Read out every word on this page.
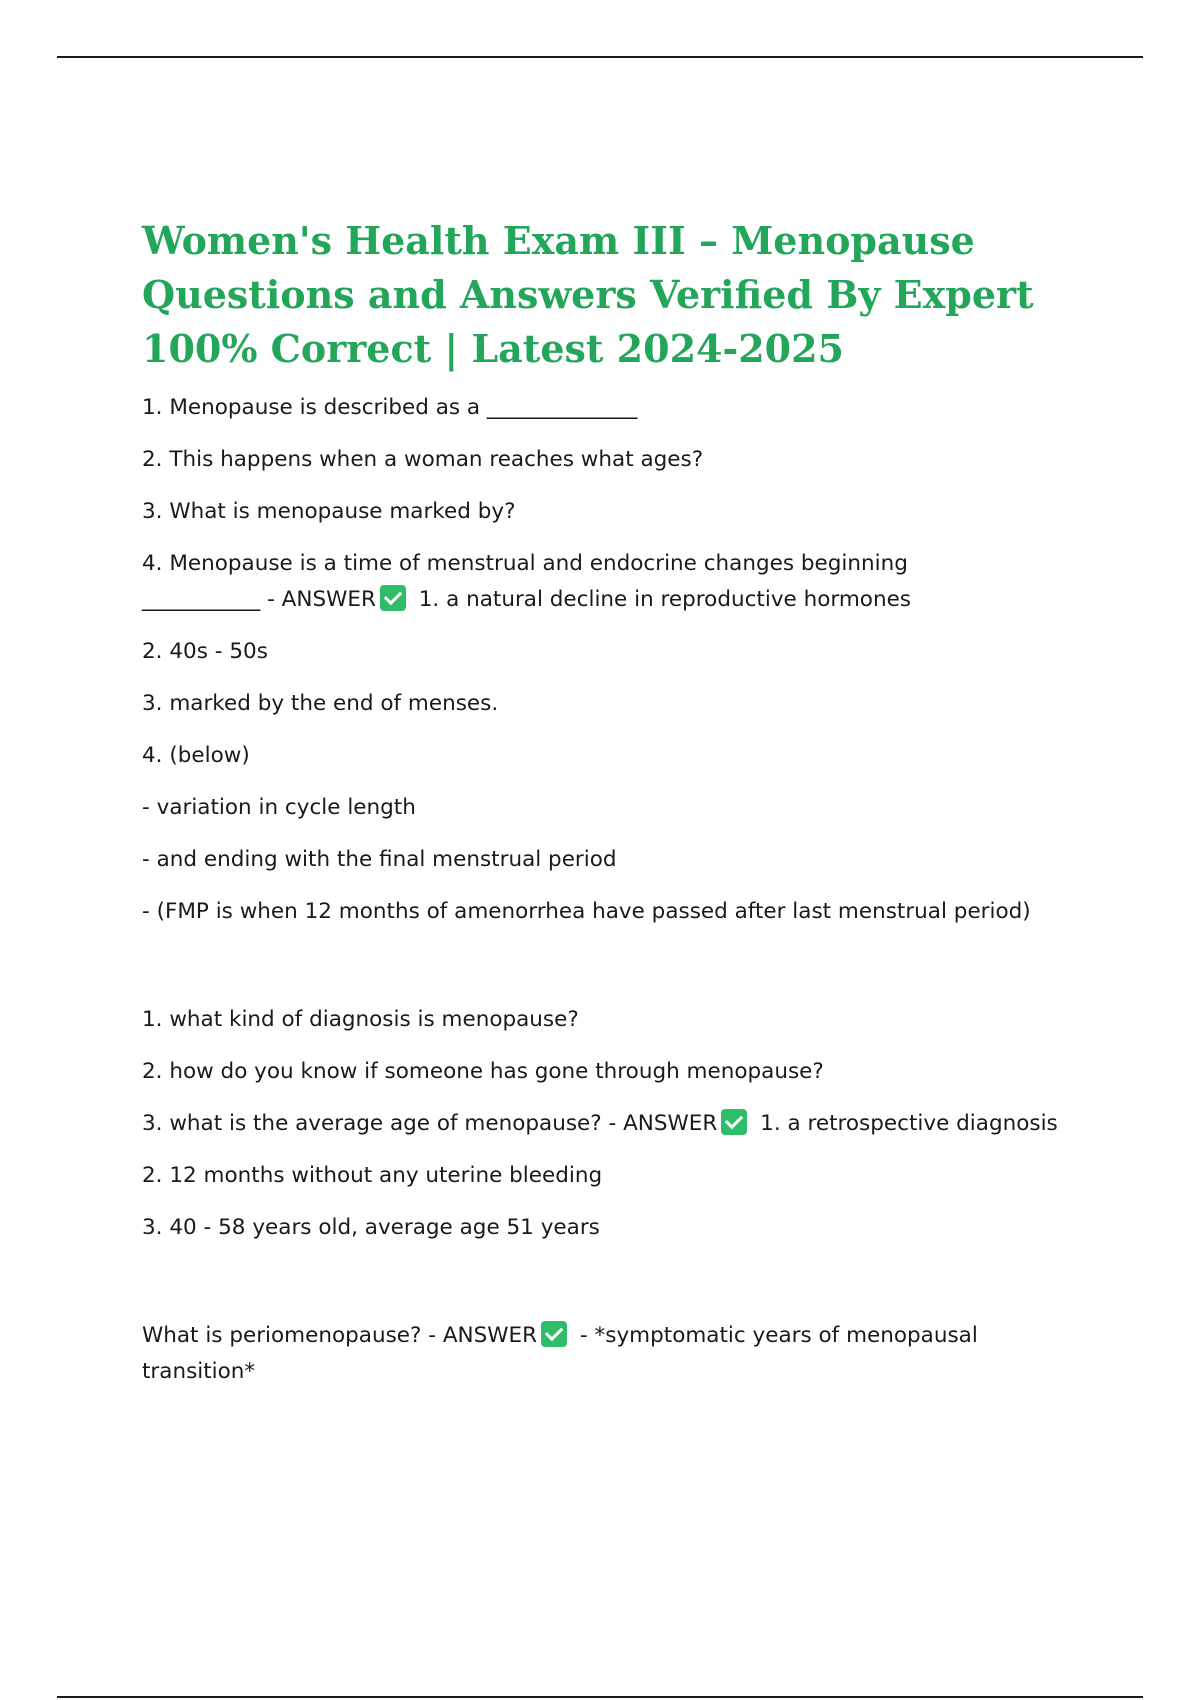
Women's Health Exam III – Menopause Questions and Answers Verified By Expert 100% Correct | Latest 2024-2025
1. Menopause is described as a ______________
2. This happens when a woman reaches what ages?
3. What is menopause marked by?
4. Menopause is a time of menstrual and endocrine changes beginning
___________ - ANSWER 1. a natural decline in reproductive hormones
2. 40s - 50s
3. marked by the end of menses.
4. (below)
- variation in cycle length
- and ending with the final menstrual period
- (FMP is when 12 months of amenorrhea have passed after last menstrual period)
1. what kind of diagnosis is menopause?
2. how do you know if someone has gone through menopause?
3. what is the average age of menopause? - ANSWER 1. a retrospective diagnosis
2. 12 months without any uterine bleeding
3. 40 - 58 years old, average age 51 years
What is periomenopause? - ANSWER - *symptomatic years of menopausal transition*
